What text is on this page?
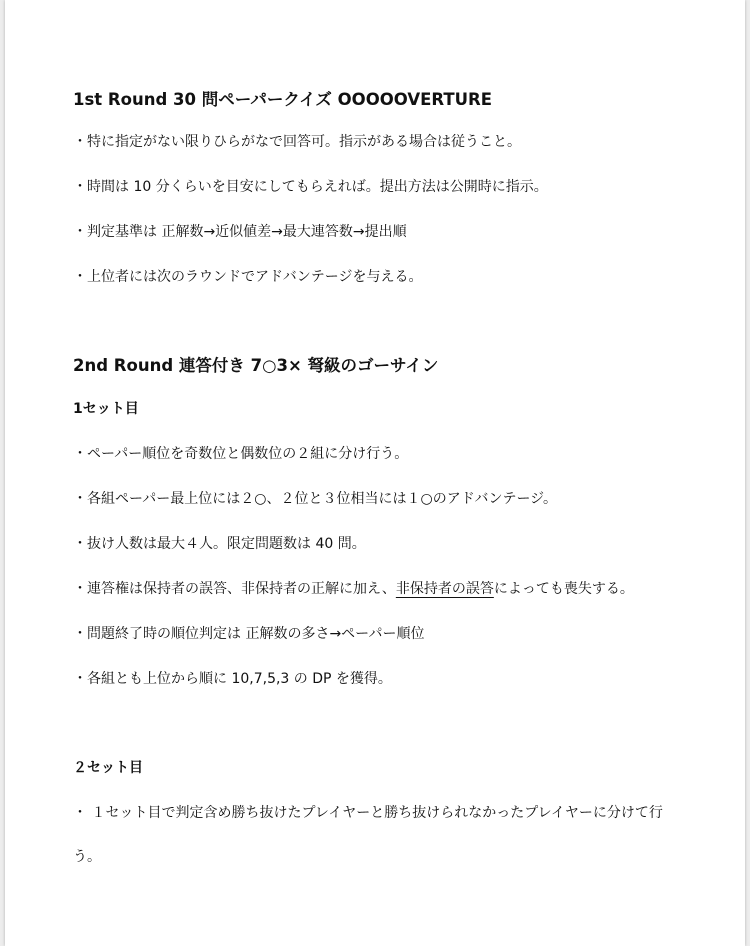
1st Round 30 問ペーパークイズ OOOOOVERTURE
・特に指定がない限りひらがなで回答可。指示がある場合は従うこと。
・時間は 10 分くらいを目安にしてもらえれば。提出方法は公開時に指示。
・判定基準は 正解数→近似値差→最大連答数→提出順
・上位者には次のラウンドでアドバンテージを与える。
2nd Round 連答付き 7○3× 弩級のゴーサイン
1セット目
・ペーパー順位を奇数位と偶数位の２組に分け行う。
・各組ペーパー最上位には２○、２位と３位相当には１○のアドバンテージ。
・抜け人数は最大４人。限定問題数は 40 問。
・連答権は保持者の誤答、非保持者の正解に加え、非保持者の誤答によっても喪失する。
・問題終了時の順位判定は 正解数の多さ→ペーパー順位
・各組とも上位から順に 10,7,5,3 の DP を獲得。
２セット目
・ １セット目で判定含め勝ち抜けたプレイヤーと勝ち抜けられなかったプレイヤーに分けて行う。
